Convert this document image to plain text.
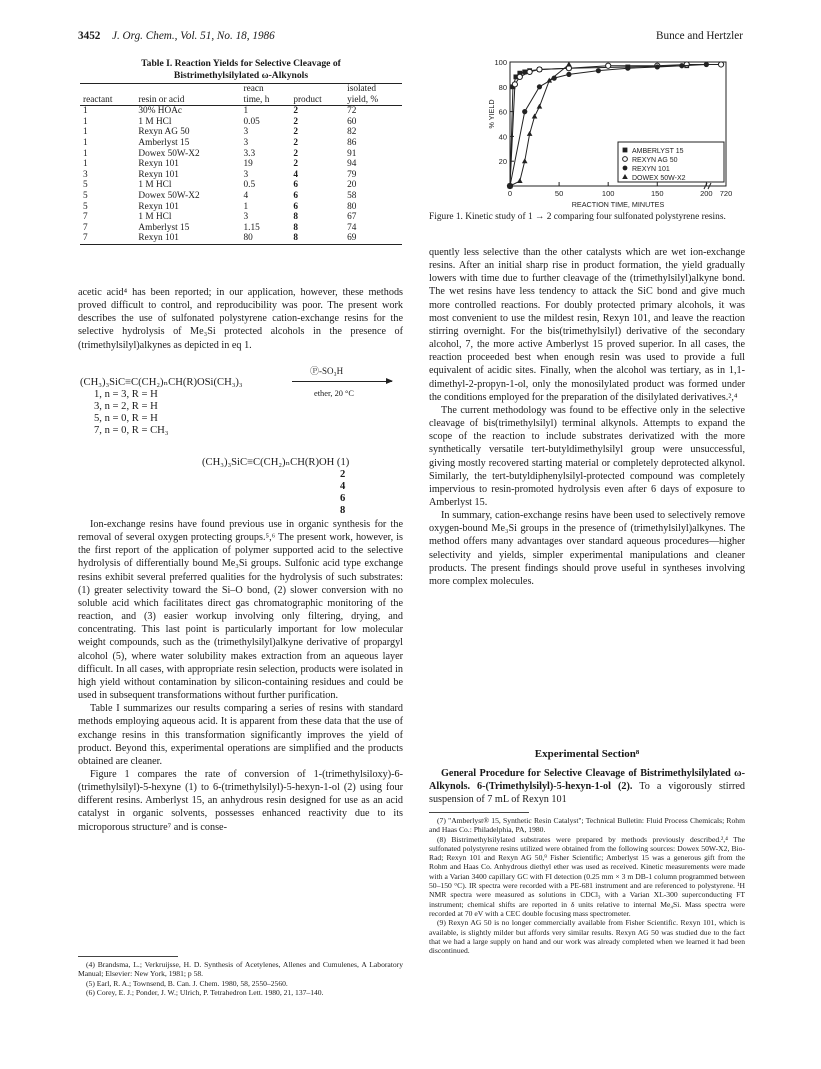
3452 J. Org. Chem., Vol. 51, No. 18, 1986	Bunce and Hertzler
Table I. Reaction Yields for Selective Cleavage of
Bistrimethylsilylated ω-Alkynols
		reacn		isolated
reactant	resin or acid	time, h	product	yield, %
1	30% HOAc	1	2	72
1	1 M HCl	0.05	2	60
1	Rexyn AG 50	3	2	82
1	Amberlyst 15	3	2	86
1	Dowex 50W-X2	3.3	2	91
1	Rexyn 101	19	2	94
3	Rexyn 101	3	4	79
5	1 M HCl	0.5	6	20
5	Dowex 50W-X2	4	6	58
5	Rexyn 101	1	6	80
7	1 M HCl	3	8	67
7	Amberlyst 15	1.15	8	74
7	Rexyn 101	80	8	69
20
40
60
80
100
0	50	100	150	200 720
REACTION TIME, MINUTES
% YIELD
AMBERLYST 15
REXYN AG 50
REXYN 101
DOWEX 50W-X2
Figure 1. Kinetic study of 1 → 2 comparing four sulfonated polystyrene resins.

acetic acid⁴ has been reported; in our application, however, these methods proved difficult to control, and reproducibility was poor. The present work describes the use of sulfonated polystyrene cation-exchange resins for the selective hydrolysis of Me₃Si protected alcohols in the presence of (trimethylsilyl)alkynes as depicted in eq 1.

(CH₃)₃SiC≡C(CH₂)ₙCH(R)OSi(CH₃)₃
Ⓟ-SO₃H
ether, 20 °C
1, n = 3, R = H
3, n = 2, R = H
5, n = 0, R = H
7, n = 0, R = CH₃
(CH₃)₃SiC≡C(CH₂)ₙCH(R)OH (1)
2
4
6
8

Ion-exchange resins have found previous use in organic synthesis for the removal of several oxygen protecting groups.⁵,⁶ The present work, however, is the first report of the application of polymer supported acid to the selective hydrolysis of differentially bound Me₃Si groups. Sulfonic acid type exchange resins exhibit several preferred qualities for the hydrolysis of such substrates: (1) greater selectivity toward the Si–O bond, (2) slower conversion with no soluble acid which facilitates direct gas chromatographic monitoring of the reaction, and (3) easier workup involving only filtering, drying, and concentrating. This last point is particularly important for low molecular weight compounds, such as the (trimethylsilyl)alkyne derivative of propargyl alcohol (5), where water solubility makes extraction from an aqueous layer difficult. In all cases, with appropriate resin selection, products were isolated in high yield without contamination by silicon-containing residues and could be used in subsequent transformations without further purification.

Table I summarizes our results comparing a series of resins with standard methods employing aqueous acid. It is apparent from these data that the use of exchange resins in this transformation significantly improves the yield of product. Beyond this, experimental operations are simplified and the products obtained are cleaner.

Figure 1 compares the rate of conversion of 1-(trimethylsiloxy)-6-(trimethylsilyl)-5-hexyne (1) to 6-(trimethylsilyl)-5-hexyn-1-ol (2) using four different resins. Amberlyst 15, an anhydrous resin designed for use as an acid catalyst in organic solvents, possesses enhanced reactivity due to its microporous structure⁷ and is conse-

(4) Brandsma, L.; Verkruijsse, H. D. Synthesis of Acetylenes, Allenes and Cumulenes, A Laboratory Manual; Elsevier: New York, 1981; p 58.
(5) Earl, R. A.; Townsend, B. Can. J. Chem. 1980, 58, 2550–2560.
(6) Corey, E. J.; Ponder, J. W.; Ulrich, P. Tetrahedron Lett. 1980, 21, 137–140.

quently less selective than the other catalysts which are wet ion-exchange resins. After an initial sharp rise in product formation, the yield gradually lowers with time due to further cleavage of the (trimethylsilyl)alkyne bond. The wet resins have less tendency to attack the SiC bond and give much more controlled reactions. For doubly protected primary alcohols, it was most convenient to use the mildest resin, Rexyn 101, and leave the reaction stirring overnight. For the bis(trimethylsilyl) derivative of the secondary alcohol, 7, the more active Amberlyst 15 proved superior. In all cases, the reaction proceeded best when enough resin was used to provide a full equivalent of acidic sites. Finally, when the alcohol was tertiary, as in 1,1-dimethyl-2-propyn-1-ol, only the monosilylated product was formed under the conditions employed for the preparation of the disilylated derivatives.²,⁴

The current methodology was found to be effective only in the selective cleavage of bis(trimethylsilyl) terminal alkynols. Attempts to expand the scope of the reaction to include substrates derivatized with the more synthetically versatile tert-butyldimethylsilyl group were unsuccessful, giving mostly recovered starting material or completely deprotected alkynol. Similarly, the tert-butyldiphenylsilyl-protected compound was completely impervious to resin-promoted hydrolysis even after 6 days of exposure to Amberlyst 15.

In summary, cation-exchange resins have been used to selectively remove oxygen-bound Me₃Si groups in the presence of (trimethylsilyl)alkynes. The method offers many advantages over standard aqueous procedures—higher selectivity and yields, simpler experimental manipulations and cleaner products. The present findings should prove useful in syntheses involving more complex molecules.

Experimental Section⁸

General Procedure for Selective Cleavage of Bistrimethylsilylated ω-Alkynols. 6-(Trimethylsilyl)-5-hexyn-1-ol (2). To a vigorously stirred suspension of 7 mL of Rexyn 101

(7) "Amberlyst® 15, Synthetic Resin Catalyst"; Technical Bulletin: Fluid Process Chemicals; Rohm and Haas Co.: Philadelphia, PA, 1980.
(8) Bistrimethylsilylated substrates were prepared by methods previously described.²,⁴ The sulfonated polystyrene resins utilized were obtained from the following sources: Dowex 50W-X2, Bio-Rad; Rexyn 101 and Rexyn AG 50,⁹ Fisher Scientific; Amberlyst 15 was a generous gift from the Rohm and Haas Co. Anhydrous diethyl ether was used as received. Kinetic measurements were made with a Varian 3400 capillary GC with FI detection (0.25 mm × 3 m DB-1 column programmed between 50–150 °C). IR spectra were recorded with a PE-681 instrument and are referenced to polystyrene. ¹H NMR spectra were measured as solutions in CDCl₃ with a Varian XL-300 superconducting FT instrument; chemical shifts are reported in δ units relative to internal Me₄Si. Mass spectra were recorded at 70 eV with a CEC double focusing mass spectrometer.
(9) Rexyn AG 50 is no longer commercially available from Fisher Scientific. Rexyn 101, which is available, is slightly milder but affords very similar results. Rexyn AG 50 was studied due to the fact that we had a large supply on hand and our work was already completed when we learned it had been discontinued.
